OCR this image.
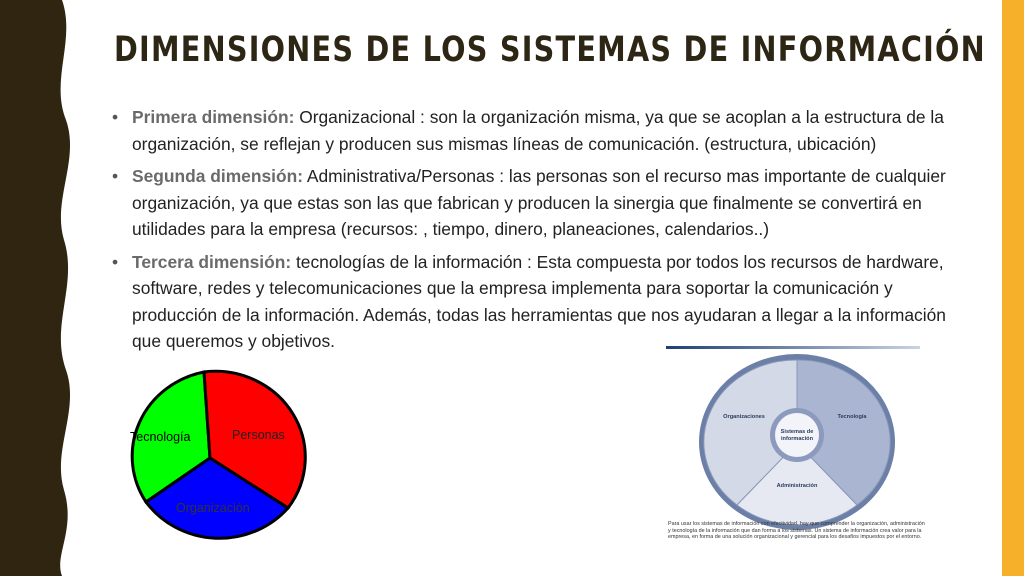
DIMENSIONES DE LOS SISTEMAS DE INFORMACIÓN
• Primera dimensión: Organizacional : son la organización misma, ya que se acoplan a la estructura de la organización, se reflejan y producen sus mismas líneas de comunicación. (estructura, ubicación)
• Segunda dimensión: Administrativa/Personas : las personas son el recurso mas importante de cualquier organización, ya que estas son las que fabrican y producen la sinergia que finalmente se convertirá en utilidades para la empresa (recursos: , tiempo, dinero, planeaciones, calendarios..)
• Tercera dimensión: tecnologías de la información : Esta compuesta por todos los recursos de hardware, software, redes y telecomunicaciones que la empresa implementa para soportar la comunicación y producción de la información. Además, todas las herramientas que nos ayudaran a llegar a la información que queremos y objetivos.
Tecnología	Personas
Organización
Organizaciones	Tecnología
Administración
Sistemas de
información
Para usar los sistemas de información con efectividad, hay que comprender la organización, administración y tecnología de la información que dan forma a los sistemas. Un sistema de información crea valor para la empresa, en forma de una solución organizacional y gerencial para los desafíos impuestos por el entorno.
